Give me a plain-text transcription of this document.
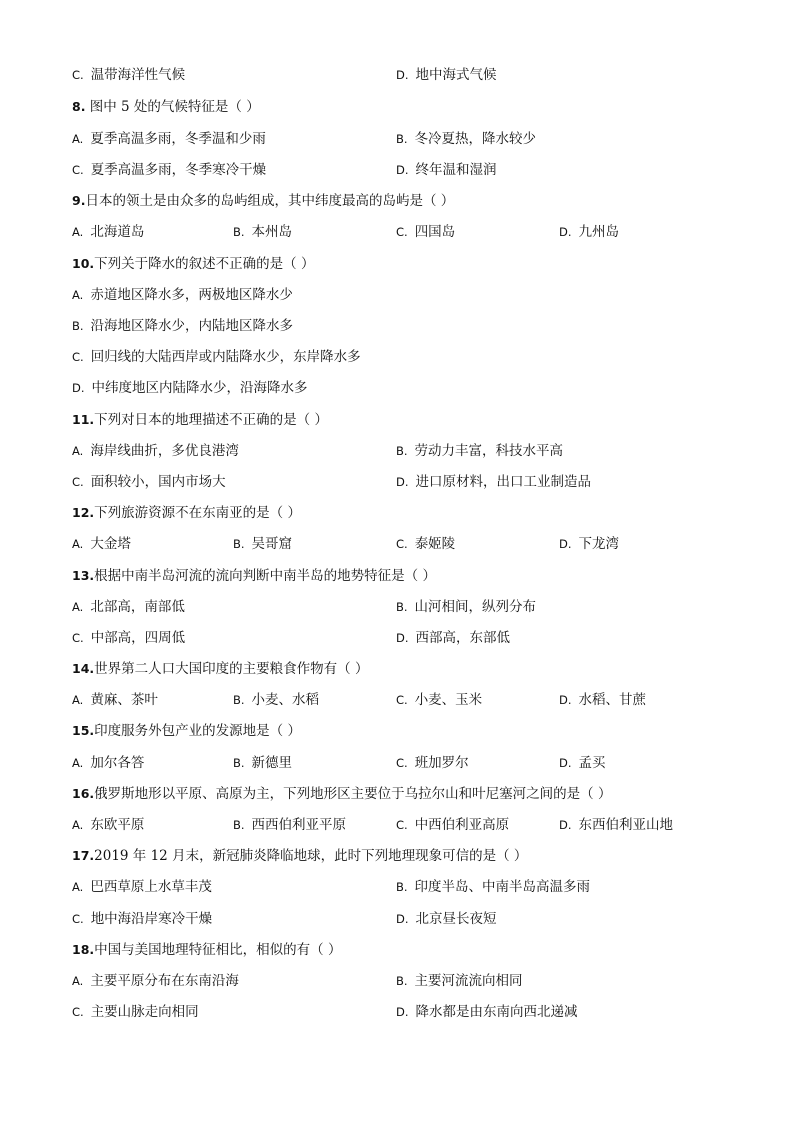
C. 温带海洋性气候	D. 地中海式气候
8. 图中 5 处的气候特征是（ ）
A. 夏季高温多雨，冬季温和少雨	B. 冬冷夏热，降水较少
C. 夏季高温多雨，冬季寒冷干燥	D. 终年温和湿润
9.日本的领土是由众多的岛屿组成，其中纬度最高的岛屿是（ ）
A. 北海道岛	B. 本州岛	C. 四国岛	D. 九州岛
10.下列关于降水的叙述不正确的是（ ）
A. 赤道地区降水多，两极地区降水少
B. 沿海地区降水少，内陆地区降水多
C. 回归线的大陆西岸或内陆降水少，东岸降水多
D. 中纬度地区内陆降水少，沿海降水多
11.下列对日本的地理描述不正确的是（ ）
A. 海岸线曲折，多优良港湾	B. 劳动力丰富，科技水平高
C. 面积较小，国内市场大	D. 进口原材料，出口工业制造品
12.下列旅游资源不在东南亚的是（ ）
A. 大金塔	B. 吴哥窟	C. 泰姬陵	D. 下龙湾
13.根据中南半岛河流的流向判断中南半岛的地势特征是（ ）
A. 北部高，南部低	B. 山河相间，纵列分布
C. 中部高，四周低	D. 西部高，东部低
14.世界第二人口大国印度的主要粮食作物有（ ）
A. 黄麻、茶叶	B. 小麦、水稻	C. 小麦、玉米	D. 水稻、甘蔗
15.印度服务外包产业的发源地是（ ）
A. 加尔各答	B. 新德里	C. 班加罗尔	D. 孟买
16.俄罗斯地形以平原、高原为主，下列地形区主要位于乌拉尔山和叶尼塞河之间的是（ ）
A. 东欧平原	B. 西西伯利亚平原	C. 中西伯利亚高原	D. 东西伯利亚山地
17.2019 年 12 月末，新冠肺炎降临地球，此时下列地理现象可信的是（ ）
A. 巴西草原上水草丰茂	B. 印度半岛、中南半岛高温多雨
C. 地中海沿岸寒冷干燥	D. 北京昼长夜短
18.中国与美国地理特征相比，相似的有（ ）
A. 主要平原分布在东南沿海	B. 主要河流流向相同
C. 主要山脉走向相同	D. 降水都是由东南向西北递减
